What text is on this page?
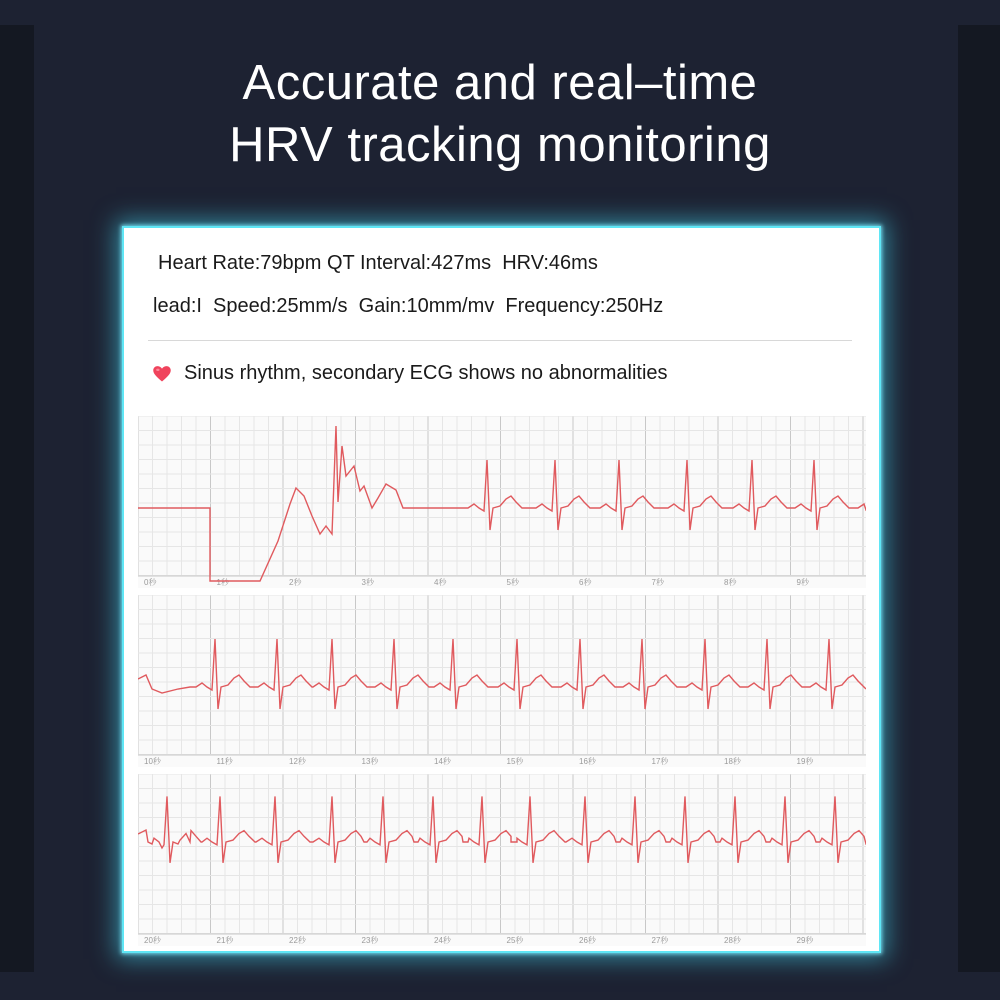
Accurate and real–time
HRV tracking monitoring
Heart Rate:79bpm QT Interval:427ms  HRV:46ms
lead:I  Speed:25mm/s  Gain:10mm/mv  Frequency:250Hz
Sinus rhythm, secondary ECG shows no abnormalities
0秒	1秒	2秒	3秒	4秒	5秒	6秒	7秒	8秒	9秒
10秒	11秒	12秒	13秒	14秒	15秒	16秒	17秒	18秒	19秒
20秒	21秒	22秒	23秒	24秒	25秒	26秒	27秒	28秒	29秒
